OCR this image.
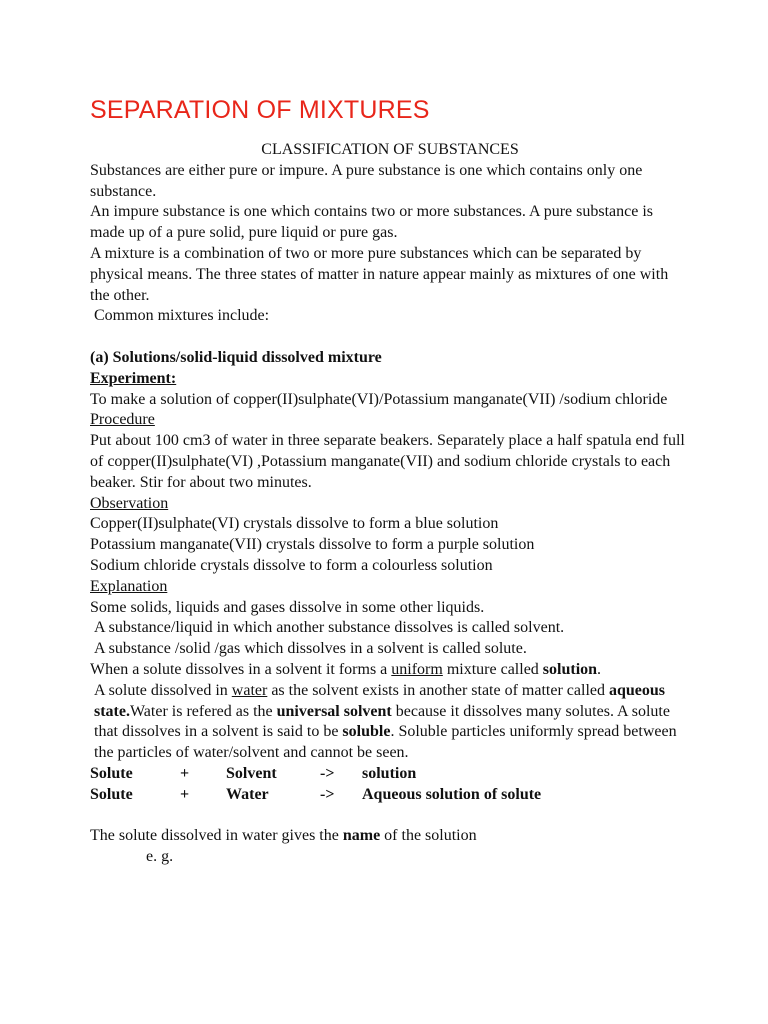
SEPARATION OF MIXTURES

CLASSIFICATION OF SUBSTANCES

Substances are either pure or impure. A pure substance is one which contains only one substance.

An impure substance is one which contains two or more substances. A pure substance is made up of a pure solid, pure liquid or pure gas.

A mixture is a combination of two or more pure substances which can be separated by physical means. The three states of matter in nature appear mainly as mixtures of one with the other.

Common mixtures include:

(a) Solutions/solid-liquid dissolved mixture

Experiment:

To make a solution of copper(II)sulphate(VI)/Potassium manganate(VII) /sodium chloride

Procedure

Put about 100 cm3 of water in three separate beakers. Separately place a half spatula end full of copper(II)sulphate(VI) ,Potassium manganate(VII) and sodium chloride crystals to each beaker. Stir for about two minutes.

Observation

Copper(II)sulphate(VI) crystals dissolve to form a blue solution

Potassium manganate(VII) crystals dissolve to form a purple solution

Sodium chloride crystals dissolve to form a colourless solution

Explanation

Some solids, liquids and gases dissolve in some other liquids.

A substance/liquid in which another substance dissolves is called solvent.

A substance /solid /gas which dissolves in a solvent is called solute.

When a solute dissolves in a solvent it forms a uniform mixture called solution.

A solute dissolved in water as the solvent exists in another state of matter called aqueous state.Water is refered as the universal solvent because it dissolves many solutes. A solute that dissolves in a solvent is said to be soluble. Soluble particles uniformly spread between the particles of water/solvent and cannot be seen.

Solute	+ Solvent	-> solution

Solute	+ Water	-> Aqueous solution of solute

The solute dissolved in water gives the name of the solution

e. g.
